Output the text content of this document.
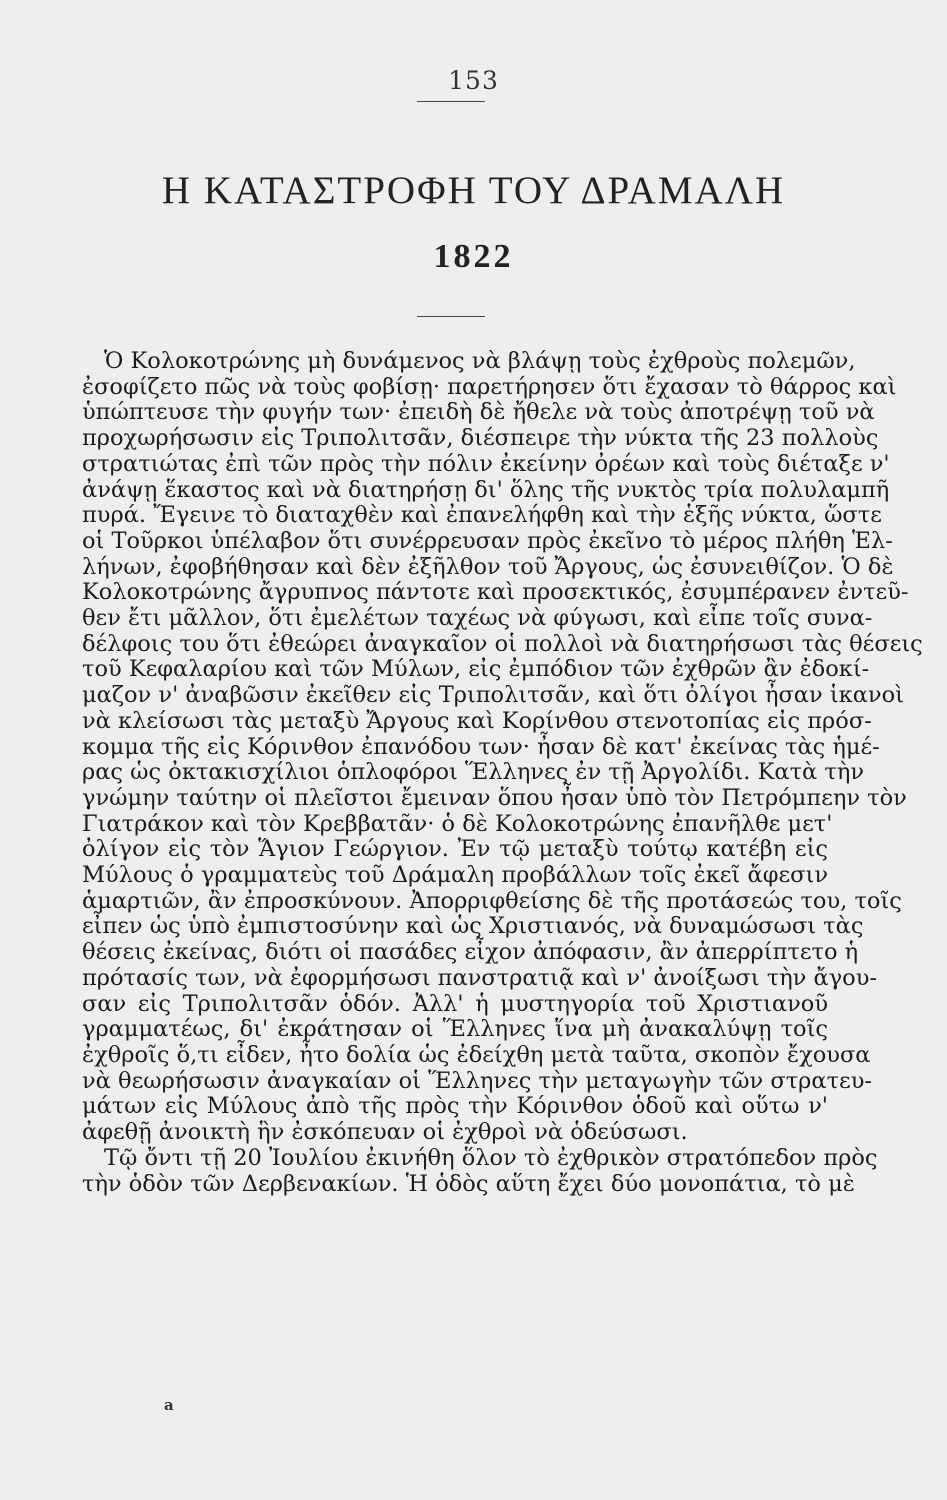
153
Η ΚΑΤΑΣΤΡΟΦΗ ΤΟΥ ΔΡΑΜΑΛΗ
1822
Ὁ Κολοκοτρώνης μὴ δυνάμενος νὰ βλάψῃ τοὺς ἐχθροὺς πολεμῶν,
ἐσοφίζετο πῶς νὰ τοὺς φοβίσῃ· παρετήρησεν ὅτι ἔχασαν τὸ θάρρος καὶ
ὑπώπτευσε τὴν φυγήν των· ἐπειδὴ δὲ ἤθελε νὰ τοὺς ἀποτρέψῃ τοῦ νὰ
προχωρήσωσιν εἰς Τριπολιτσᾶν, διέσπειρε τὴν νύκτα τῆς 23 πολλοὺς
στρατιώτας ἐπὶ τῶν πρὸς τὴν πόλιν ἐκείνην ὀρέων καὶ τοὺς διέταξε ν'
ἀνάψῃ ἕκαστος καὶ νὰ διατηρήσῃ δι' ὅλης τῆς νυκτὸς τρία πολυλαμπῆ
πυρά. Ἔγεινε τὸ διαταχθὲν καὶ ἐπανελήφθη καὶ τὴν ἑξῆς νύκτα, ὥστε
οἱ Τοῦρκοι ὑπέλαβον ὅτι συνέρρευσαν πρὸς ἐκεῖνο τὸ μέρος πλήθη Ἑλ-
λήνων, ἐφοβήθησαν καὶ δὲν ἐξῆλθον τοῦ Ἄργους, ὡς ἐσυνειθίζον. Ὁ δὲ
Κολοκοτρώνης ἄγρυπνος πάντοτε καὶ προσεκτικός, ἐσυμπέρανεν ἐντεῦ-
θεν ἔτι μᾶλλον, ὅτι ἐμελέτων ταχέως νὰ φύγωσι, καὶ εἶπε τοῖς συνα-
δέλφοις του ὅτι ἐθεώρει ἀναγκαῖον οἱ πολλοὶ νὰ διατηρήσωσι τὰς θέσεις
τοῦ Κεφαλαρίου καὶ τῶν Μύλων, εἰς ἐμπόδιον τῶν ἐχθρῶν ἂν ἐδοκί-
μαζον ν' ἀναβῶσιν ἐκεῖθεν εἰς Τριπολιτσᾶν, καὶ ὅτι ὀλίγοι ἦσαν ἱκανοὶ
νὰ κλείσωσι τὰς μεταξὺ Ἄργους καὶ Κορίνθου στενοτοπίας εἰς πρόσ-
κομμα τῆς εἰς Κόρινθον ἐπανόδου των· ἦσαν δὲ κατ' ἐκείνας τὰς ἡμέ-
ρας ὡς ὀκτακισχίλιοι ὁπλοφόροι Ἕλληνες ἐν τῇ Ἀργολίδι. Κατὰ τὴν
γνώμην ταύτην οἱ πλεῖστοι ἔμειναν ὅπου ἦσαν ὑπὸ τὸν Πετρόμπεην τὸν
Γιατράκον καὶ τὸν Κρεββατᾶν· ὁ δὲ Κολοκοτρώνης ἐπανῆλθε μετ'
ὀλίγον εἰς τὸν Ἅγιον Γεώργιον. Ἐν τῷ μεταξὺ τούτῳ κατέβη εἰς
Μύλους ὁ γραμματεὺς τοῦ Δράμαλη προβάλλων τοῖς ἐκεῖ ἄφεσιν
ἁμαρτιῶν, ἂν ἐπροσκύνουν. Ἀπορριφθείσης δὲ τῆς προτάσεώς του, τοῖς
εἶπεν ὡς ὑπὸ ἐμπιστοσύνην καὶ ὡς Χριστιανός, νὰ δυναμώσωσι τὰς
θέσεις ἐκείνας, διότι οἱ πασάδες εἶχον ἀπόφασιν, ἂν ἀπερρίπτετο ἡ
πρότασίς των, νὰ ἐφορμήσωσι πανστρατιᾷ καὶ ν' ἀνοίξωσι τὴν ἄγου-
σαν εἰς Τριπολιτσᾶν ὁδόν. Ἀλλ' ἡ μυστηγορία τοῦ Χριστιανοῦ
γραμματέως, δι' ἐκράτησαν οἱ Ἕλληνες ἵνα μὴ ἀνακαλύψῃ τοῖς
ἐχθροῖς ὅ,τι εἶδεν, ἦτο δολία ὡς ἐδείχθη μετὰ ταῦτα, σκοπὸν ἔχουσα
νὰ θεωρήσωσιν ἀναγκαίαν οἱ Ἕλληνες τὴν μεταγωγὴν τῶν στρατευ-
μάτων εἰς Μύλους ἀπὸ τῆς πρὸς τὴν Κόρινθον ὁδοῦ καὶ οὕτω ν'
ἀφεθῇ ἀνοικτὴ ἣν ἐσκόπευαν οἱ ἐχθροὶ νὰ ὁδεύσωσι.
Τῷ ὄντι τῇ 20 Ἰουλίου ἐκινήθη ὅλον τὸ ἐχθρικὸν στρατόπεδον πρὸς
τὴν ὁδὸν τῶν Δερβενακίων. Ἡ ὁδὸς αὕτη ἔχει δύο μονοπάτια, τὸ μὲ
a
